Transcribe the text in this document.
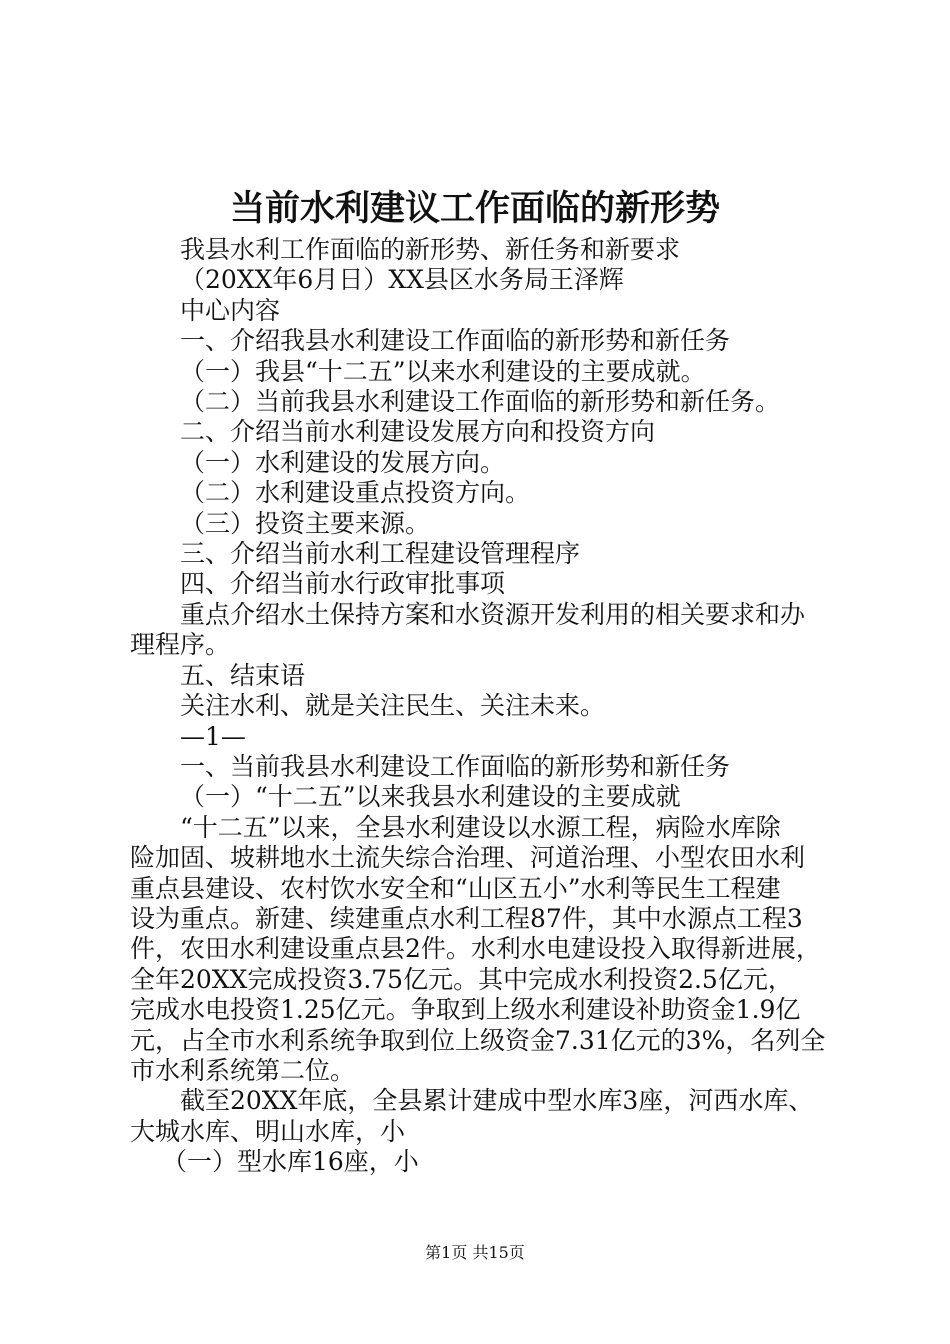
当前水利建议工作面临的新形势
我县水利工作面临的新形势、新任务和新要求
（20XX年6月日）XX县区水务局王泽辉
中心内容
一、介绍我县水利建设工作面临的新形势和新任务
（一）我县“十二五”以来水利建设的主要成就。
（二）当前我县水利建设工作面临的新形势和新任务。
二、介绍当前水利建设发展方向和投资方向
（一）水利建设的发展方向。
（二）水利建设重点投资方向。
（三）投资主要来源。
三、介绍当前水利工程建设管理程序
四、介绍当前水行政审批事项
重点介绍水土保持方案和水资源开发利用的相关要求和办
理程序。
五、结束语
关注水利、就是关注民生、关注未来。
—1—
一、当前我县水利建设工作面临的新形势和新任务
（一）“十二五”以来我县水利建设的主要成就
“十二五”以来，全县水利建设以水源工程，病险水库除
险加固、坡耕地水土流失综合治理、河道治理、小型农田水利
重点县建设、农村饮水安全和“山区五小”水利等民生工程建
设为重点。新建、续建重点水利工程87件，其中水源点工程3
件，农田水利建设重点县2件。水利水电建设投入取得新进展，
全年20XX完成投资3.75亿元。其中完成水利投资2.5亿元，
完成水电投资1.25亿元。争取到上级水利建设补助资金1.9亿
元，占全市水利系统争取到位上级资金7.31亿元的3%，名列全
市水利系统第二位。
截至20XX年底，全县累计建成中型水库3座，河西水库、
大城水库、明山水库，小
（一）型水库16座，小
第1页 共15页
